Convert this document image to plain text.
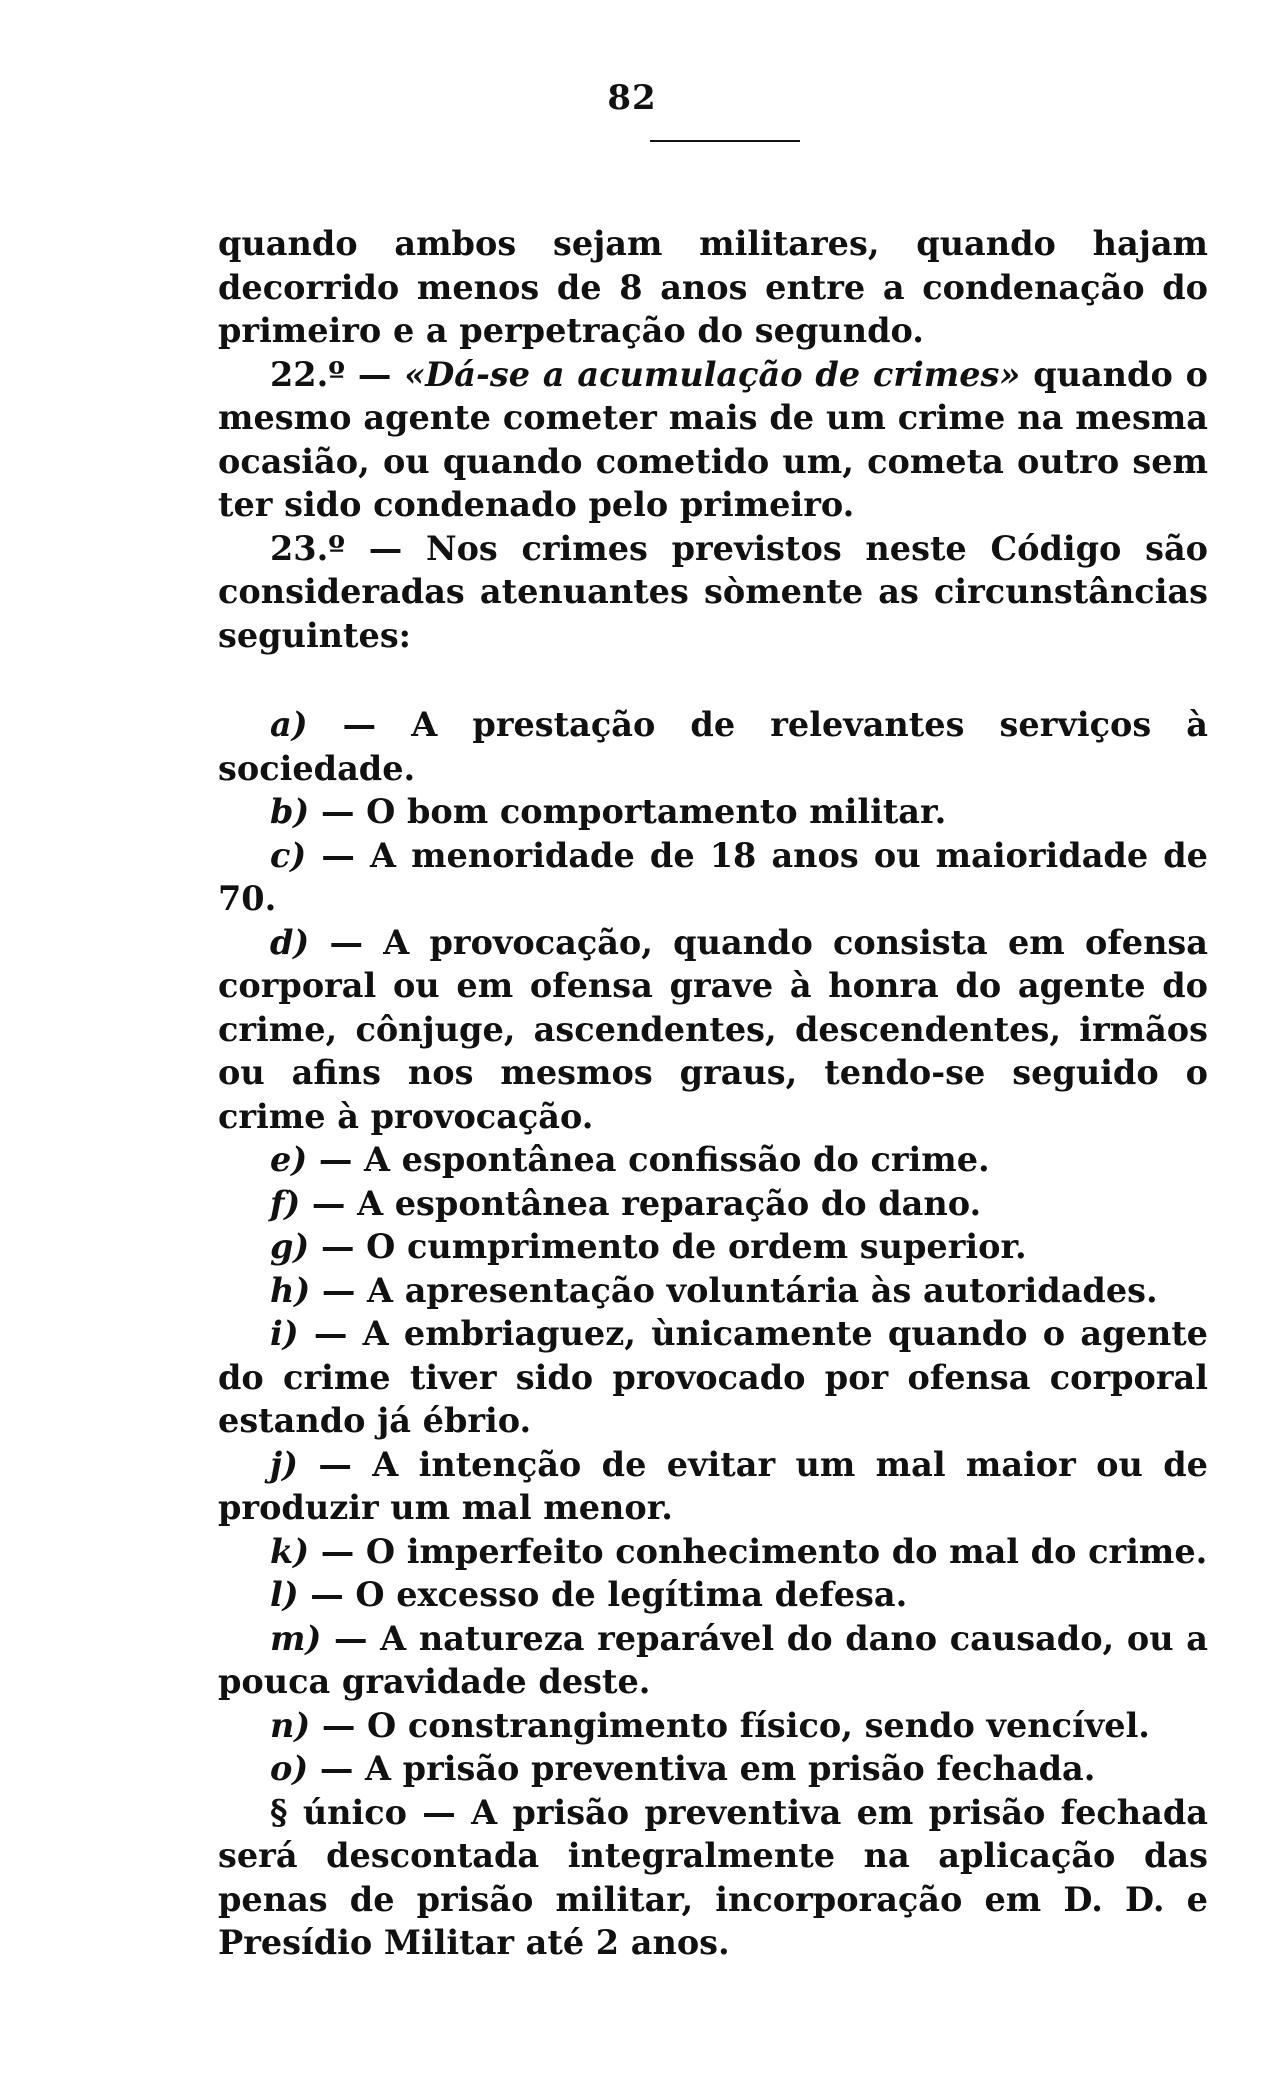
82

quando ambos sejam militares, quando hajam decorrido menos de 8 anos entre a condenação do primeiro e a perpetração do segundo.

22.º — «Dá-se a acumulação de crimes» quando o mesmo agente cometer mais de um crime na mesma ocasião, ou quando cometido um, cometa outro sem ter sido condenado pelo primeiro.

23.º — Nos crimes previstos neste Código são consideradas atenuantes sòmente as circunstâncias seguintes:

a) — A prestação de relevantes serviços à sociedade.

b) — O bom comportamento militar.

c) — A menoridade de 18 anos ou maioridade de 70.

d) — A provocação, quando consista em ofensa corporal ou em ofensa grave à honra do agente do crime, cônjuge, ascendentes, descendentes, irmãos ou afins nos mesmos graus, tendo-se seguido o crime à provocação.

e) — A espontânea confissão do crime.

f) — A espontânea reparação do dano.

g) — O cumprimento de ordem superior.

h) — A apresentação voluntária às autoridades.

i) — A embriaguez, ùnicamente quando o agente do crime tiver sido provocado por ofensa corporal estando já ébrio.

j) — A intenção de evitar um mal maior ou de produzir um mal menor.

k) — O imperfeito conhecimento do mal do crime.

l) — O excesso de legítima defesa.

m) — A natureza reparável do dano causado, ou a pouca gravidade deste.

n) — O constrangimento físico, sendo vencível.

o) — A prisão preventiva em prisão fechada.

§ único — A prisão preventiva em prisão fechada será descontada integralmente na aplicação das penas de prisão militar, incorporação em D. D. e Presídio Militar até 2 anos.
